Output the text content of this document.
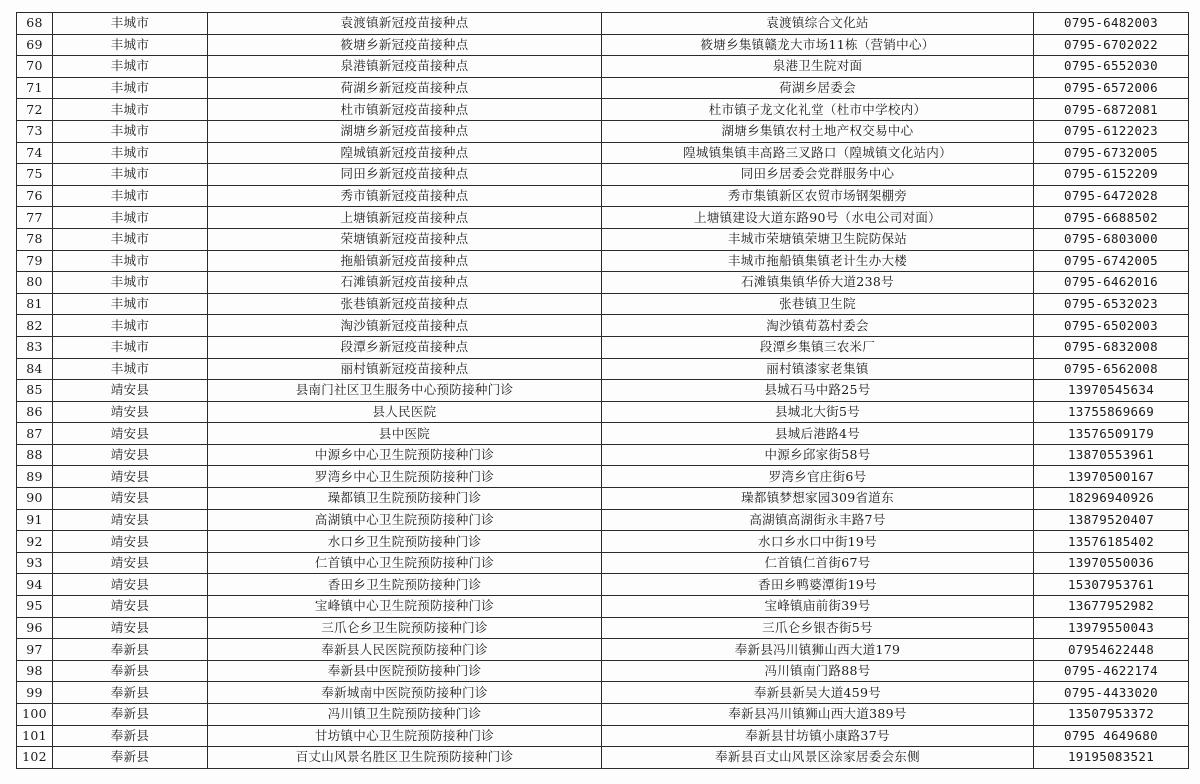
68	丰城市	袁渡镇新冠疫苗接种点	袁渡镇综合文化站	0795-6482003
69	丰城市	筱塘乡新冠疫苗接种点	筱塘乡集镇赣龙大市场11栋（营销中心）	0795-6702022
70	丰城市	泉港镇新冠疫苗接种点	泉港卫生院对面	0795-6552030
71	丰城市	荷湖乡新冠疫苗接种点	荷湖乡居委会	0795-6572006
72	丰城市	杜市镇新冠疫苗接种点	杜市镇子龙文化礼堂（杜市中学校内）	0795-6872081
73	丰城市	湖塘乡新冠疫苗接种点	湖塘乡集镇农村土地产权交易中心	0795-6122023
74	丰城市	隍城镇新冠疫苗接种点	隍城镇集镇丰高路三叉路口（隍城镇文化站内）	0795-6732005
75	丰城市	同田乡新冠疫苗接种点	同田乡居委会党群服务中心	0795-6152209
76	丰城市	秀市镇新冠疫苗接种点	秀市集镇新区农贸市场钢架棚旁	0795-6472028
77	丰城市	上塘镇新冠疫苗接种点	上塘镇建设大道东路90号（水电公司对面）	0795-6688502
78	丰城市	荣塘镇新冠疫苗接种点	丰城市荣塘镇荣塘卫生院防保站	0795-6803000
79	丰城市	拖船镇新冠疫苗接种点	丰城市拖船镇集镇老计生办大楼	0795-6742005
80	丰城市	石滩镇新冠疫苗接种点	石滩镇集镇华侨大道238号	0795-6462016
81	丰城市	张巷镇新冠疫苗接种点	张巷镇卫生院	0795-6532023
82	丰城市	淘沙镇新冠疫苗接种点	淘沙镇荀荔村委会	0795-6502003
83	丰城市	段潭乡新冠疫苗接种点	段潭乡集镇三农米厂	0795-6832008
84	丰城市	丽村镇新冠疫苗接种点	丽村镇漆家老集镇	0795-6562008
85	靖安县	县南门社区卫生服务中心预防接种门诊	县城石马中路25号	13970545634
86	靖安县	县人民医院	县城北大街5号	13755869669
87	靖安县	县中医院	县城后港路4号	13576509179
88	靖安县	中源乡中心卫生院预防接种门诊	中源乡邱家街58号	13870553961
89	靖安县	罗湾乡中心卫生院预防接种门诊	罗湾乡官庄街6号	13970500167
90	靖安县	璪都镇卫生院预防接种门诊	璪都镇梦想家园309省道东	18296940926
91	靖安县	高湖镇中心卫生院预防接种门诊	高湖镇高湖街永丰路7号	13879520407
92	靖安县	水口乡卫生院预防接种门诊	水口乡水口中街19号	13576185402
93	靖安县	仁首镇中心卫生院预防接种门诊	仁首镇仁首街67号	13970550036
94	靖安县	香田乡卫生院预防接种门诊	香田乡鸭婆潭街19号	15307953761
95	靖安县	宝峰镇中心卫生院预防接种门诊	宝峰镇庙前街39号	13677952982
96	靖安县	三爪仑乡卫生院预防接种门诊	三爪仑乡银杏街5号	13979550043
97	奉新县	奉新县人民医院预防接种门诊	奉新县冯川镇狮山西大道179	07954622448
98	奉新县	奉新县中医院预防接种门诊	冯川镇南门路88号	0795-4622174
99	奉新县	奉新城南中医院预防接种门诊	奉新县新吴大道459号	0795-4433020
100	奉新县	冯川镇卫生院预防接种门诊	奉新县冯川镇狮山西大道389号	13507953372
101	奉新县	甘坊镇中心卫生院预防接种门诊	奉新县甘坊镇小康路37号	0795 4649680
102	奉新县	百丈山风景名胜区卫生院预防接种门诊	奉新县百丈山风景区涂家居委会东侧	19195083521
